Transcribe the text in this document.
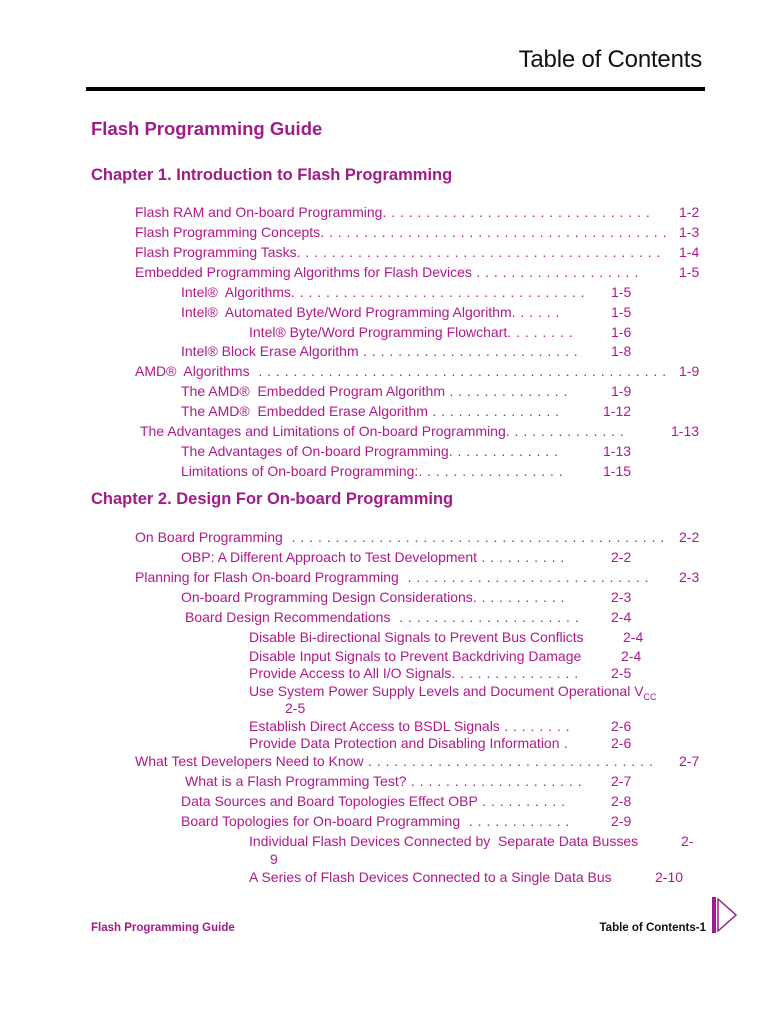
Table of Contents
Flash Programming Guide
Chapter 1. Introduction to Flash Programming
Chapter 2. Design For On-board Programming
Flash RAM and On-board Programming. . . . . . . . . . . . . . . . . . . . . . . . . . . . . . . 1-2
Flash Programming Concepts. . . . . . . . . . . . . . . . . . . . . . . . . . . . . . . . . . . . . . . . 1-3
Flash Programming Tasks. . . . . . . . . . . . . . . . . . . . . . . . . . . . . . . . . . . . . . . . . . 1-4
Embedded Programming Algorithms for Flash Devices . . . . . . . . . . . . . . . . . . .	1-5
Intel®  Algorithms. . . . . . . . . . . . . . . . . . . . . . . . . . . . . . . . . . 1-5
Intel®  Automated Byte/Word Programming Algorithm. . . . . .	1-5
Intel® Byte/Word Programming Flowchart. . . . . . . .	1-6
Intel® Block Erase Algorithm . . . . . . . . . . . . . . . . . . . . . . . . . 1-8
AMD®  Algorithms  . . . . . . . . . . . . . . . . . . . . . . . . . . . . . . . . . . . . . . . . . . . . . . . 1-9
The AMD®  Embedded Program Algorithm . . . . . . . . . . . . . .	1-9
The AMD®  Embedded Erase Algorithm . . . . . . . . . . . . . . .	1-12
The Advantages and Limitations of On-board Programming. . . . . . . . . . . . . .	1-13
The Advantages of On-board Programming. . . . . . . . . . . . .	1-13
Limitations of On-board Programming:. . . . . . . . . . . . . . . . .	1-15
On Board Programming  . . . . . . . . . . . . . . . . . . . . . . . . . . . . . . . . . . . . . . . . . . . 2-2
OBP: A Different Approach to Test Development . . . . . . . . . .	2-2
Planning for Flash On-board Programming  . . . . . . . . . . . . . . . . . . . . . . . . . . . . 2-3
On-board Programming Design Considerations. . . . . . . . . . .	2-3
Board Design Recommendations  . . . . . . . . . . . . . . . . . . . . . 2-4
Disable Bi-directional Signals to Prevent Bus Conflicts	2-4
Disable Input Signals to Prevent Backdriving Damage	2-4
Provide Access to All I/O Signals. . . . . . . . . . . . . . . 2-5
Use System Power Supply Levels and Document Operational $V_{CC}$
2-5
Establish Direct Access to BSDL Signals . . . . . . . .	2-6
Provide Data Protection and Disabling Information .	2-6
What Test Developers Need to Know . . . . . . . . . . . . . . . . . . . . . . . . . . . . . . . . . 2-7
What is a Flash Programming Test? . . . . . . . . . . . . . . . . . . . . 2-7
Data Sources and Board Topologies Effect OBP . . . . . . . . . .	2-8
Board Topologies for On-board Programming  . . . . . . . . . . . .	2-9
Individual Flash Devices Connected by  Separate Data Busses	2-
9
A Series of Flash Devices Connected to a Single Data Bus	2-10
Flash Programming Guide	Table of Contents-1
